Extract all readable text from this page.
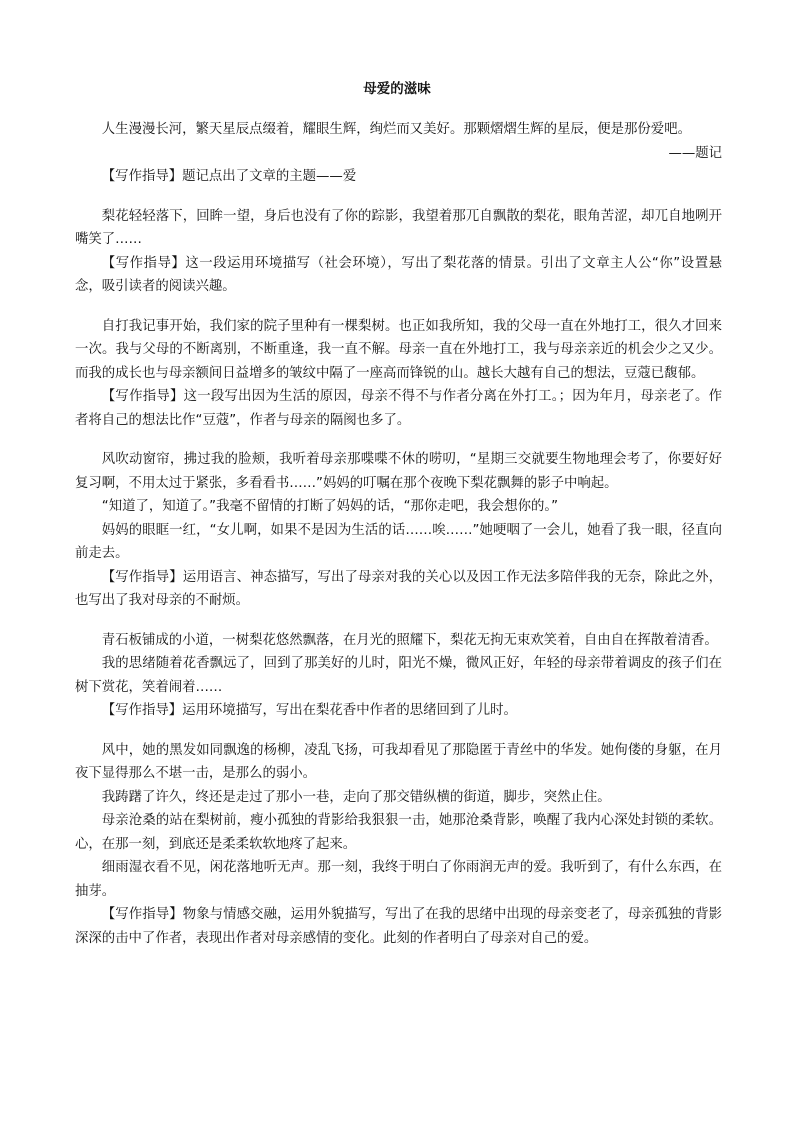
母爱的滋味

人生漫漫长河，繁天星辰点缀着，耀眼生辉，绚烂而又美好。那颗熠熠生辉的星辰，便是那份爱吧。

——题记

【写作指导】题记点出了文章的主题——爱

梨花轻轻落下，回眸一望，身后也没有了你的踪影，我望着那兀自飘散的梨花，眼角苦涩，却兀自地咧开嘴笑了……

【写作指导】这一段运用环境描写（社会环境），写出了梨花落的情景。引出了文章主人公“你”设置悬念，吸引读者的阅读兴趣。

自打我记事开始，我们家的院子里种有一棵梨树。也正如我所知，我的父母一直在外地打工，很久才回来一次。我与父母的不断离别，不断重逢，我一直不解。母亲一直在外地打工，我与母亲亲近的机会少之又少。而我的成长也与母亲额间日益增多的皱纹中隔了一座高而锋锐的山。越长大越有自己的想法，豆蔻已馥郁。

【写作指导】这一段写出因为生活的原因，母亲不得不与作者分离在外打工。；因为年月，母亲老了。作者将自己的想法比作“豆蔻”，作者与母亲的隔阂也多了。

风吹动窗帘，拂过我的脸颊，我听着母亲那喋喋不休的唠叨，“星期三交就要生物地理会考了，你要好好复习啊，不用太过于紧张，多看看书……”妈妈的叮嘱在那个夜晚下梨花飘舞的影子中响起。

“知道了，知道了。”我毫不留情的打断了妈妈的话，“那你走吧，我会想你的。”

妈妈的眼眶一红，“女儿啊，如果不是因为生活的话……唉……”她哽咽了一会儿，她看了我一眼，径直向前走去。

【写作指导】运用语言、神态描写，写出了母亲对我的关心以及因工作无法多陪伴我的无奈，除此之外，也写出了我对母亲的不耐烦。

青石板铺成的小道，一树梨花悠然飘落，在月光的照耀下，梨花无拘无束欢笑着，自由自在挥散着清香。

我的思绪随着花香飘远了，回到了那美好的儿时，阳光不燥，微风正好，年轻的母亲带着调皮的孩子们在树下赏花，笑着闹着……

【写作指导】运用环境描写，写出在梨花香中作者的思绪回到了儿时。

风中，她的黑发如同飘逸的杨柳，凌乱飞扬，可我却看见了那隐匿于青丝中的华发。她佝偻的身躯，在月夜下显得那么不堪一击，是那么的弱小。

我踌躇了许久，终还是走过了那小一巷，走向了那交错纵横的街道，脚步，突然止住。

母亲沧桑的站在梨树前，瘦小孤独的背影给我狠狠一击，她那沧桑背影，唤醒了我内心深处封锁的柔软。心，在那一刻，到底还是柔柔软软地疼了起来。

细雨湿衣看不见，闲花落地听无声。那一刻，我终于明白了你雨润无声的爱。我听到了，有什么东西，在抽芽。

【写作指导】物象与情感交融，运用外貌描写，写出了在我的思绪中出现的母亲变老了，母亲孤独的背影深深的击中了作者，表现出作者对母亲感情的变化。此刻的作者明白了母亲对自己的爱。
